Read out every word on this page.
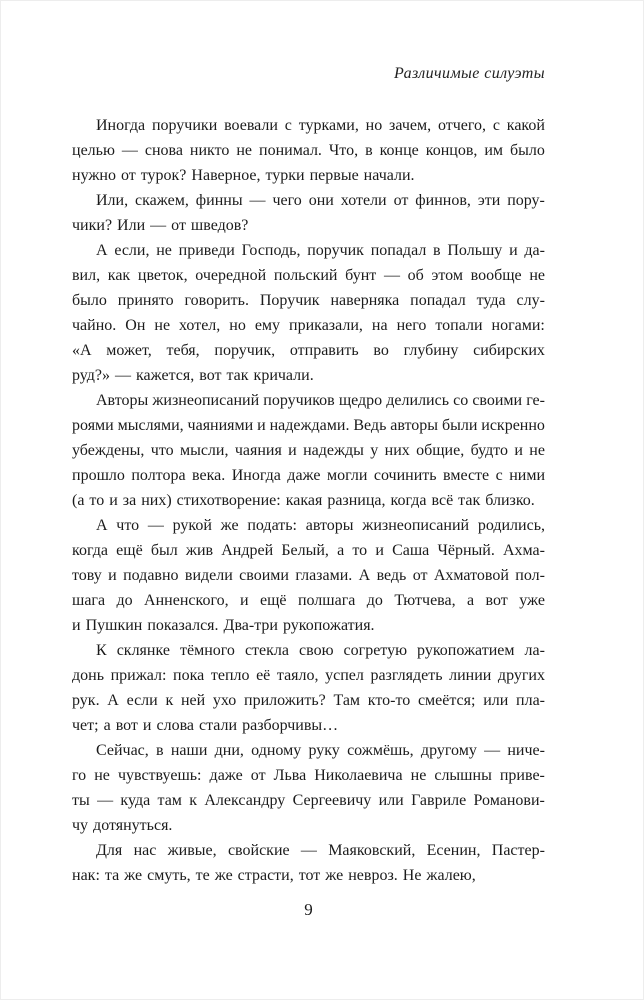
Различимые силуэты
Иногда поручики воевали с турками, но зачем, отчего, с какой
целью — снова никто не понимал. Что, в конце концов, им было
нужно от турок? Наверное, турки первые начали.
Или, скажем, финны — чего они хотели от финнов, эти пору-
чики? Или — от шведов?
А если, не приведи Господь, поручик попадал в Польшу и да-
вил, как цветок, очередной польский бунт — об этом вообще не
было принято говорить. Поручик наверняка попадал туда слу-
чайно. Он не хотел, но ему приказали, на него топали ногами:
«А может, тебя, поручик, отправить во глубину сибирских
руд?» — кажется, вот так кричали.
Авторы жизнеописаний поручиков щедро делились со своими ге-
роями мыслями, чаяниями и надеждами. Ведь авторы были искренно
убеждены, что мысли, чаяния и надежды у них общие, будто и не
прошло полтора века. Иногда даже могли сочинить вместе с ними
(а то и за них) стихотворение: какая разница, когда всё так близко.
А что — рукой же подать: авторы жизнеописаний родились,
когда ещё был жив Андрей Белый, а то и Саша Чёрный. Ахма-
тову и подавно видели своими глазами. А ведь от Ахматовой пол-
шага до Анненского, и ещё полшага до Тютчева, а вот уже
и Пушкин показался. Два-три рукопожатия.
К склянке тёмного стекла свою согретую рукопожатием ла-
донь прижал: пока тепло её таяло, успел разглядеть линии других
рук. А если к ней ухо приложить? Там кто-то смеётся; или пла-
чет; а вот и слова стали разборчивы…
Сейчас, в наши дни, одному руку сожмёшь, другому — ниче-
го не чувствуешь: даже от Льва Николаевича не слышны приве-
ты — куда там к Александру Сергеевичу или Гавриле Романови-
чу дотянуться.
Для нас живые, свойские — Маяковский, Есенин, Пастер-
нак: та же смуть, те же страсти, тот же невроз. Не жалею,
9
